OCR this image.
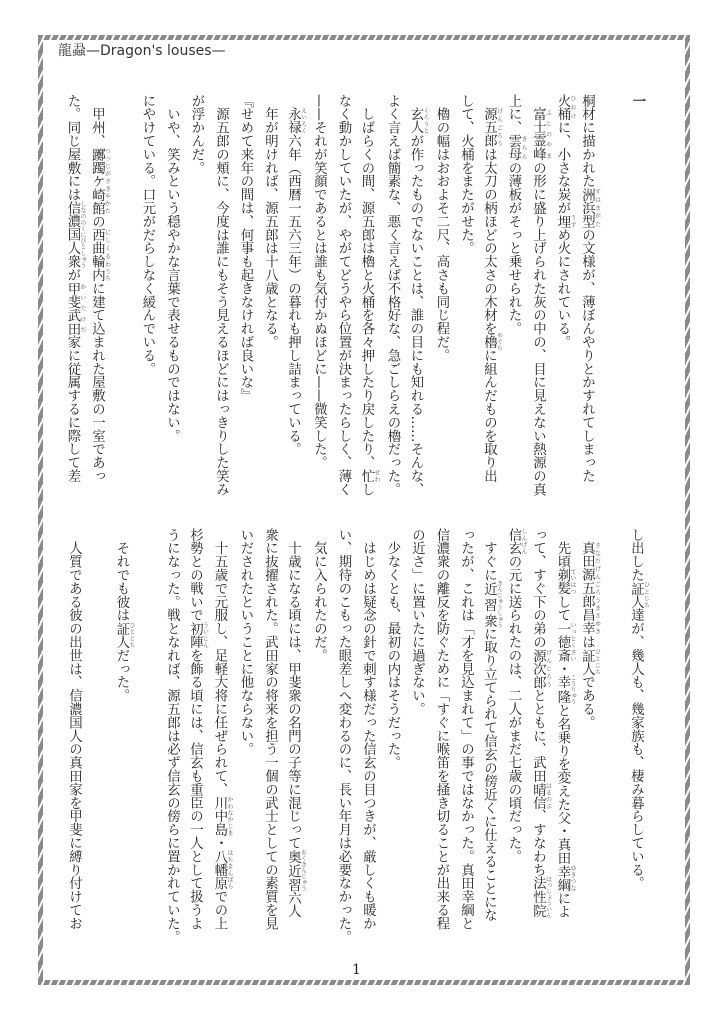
龍蝨—Dragon's louses—
一
桐材に描かれた洲浜型 すはまがたの文様が、薄ぼんやりとかすれてしまった
火桶 ひおけに、小さな炭が埋 うずめ火にされている。
　富士霊峰 ふじのやまの形に盛り上げられた灰の中の、目に見えない熱源の真
上に、雲母 きららの薄板がそっと乗せられた。
　源五郎 げんごろうは太刀の柄ほどの太さの木材を櫓 やぐらに組んだものを取り出
して、火桶をまたがせた。
　櫓の幅はおおよそ二尺、高さも同じ程だ。
　玄人 くろうとが作ったものでないことは、誰の目にも知れる……そんな、
よく言えば簡素な、悪く言えば不格好な、急ごしらえの櫓だった。
　しばらくの間、源五郎は櫓と火桶を各々押したり戻したり、忙 せわし
なく動かしていたが、やがてどうやら位置が決まったらしく、薄く
——それが笑顔であるとは誰も気付かぬほどに——微笑した。
　永禄 えいろく六年（西暦一五六三年）の暮れも押し詰まっている。
　年が明ければ、源五郎は十八歳となる。
『せめて来年の間は、何事も起きなければ良いな』
　源五郎の頬に、今度は誰にもそう見えるほどにはっきりした笑み
が浮かんだ。
　いや、笑みという穏やかな言葉で表せるものではない。
にやけている。口元がだらしなく緩んでいる。
　甲州、躑躅ケ崎館 つつじがさきやかたの西曲輪 にしくるわ内 うちに建て込まれた屋敷の一室であっ
た。同じ屋敷には信濃国人衆 しなののくにびとしゅうが甲斐武田 かいたけだ家に従属するに際して差
し出した証人 ひとじち達が、幾人も、幾家族も、棲み暮らしている。
　真田源五郎昌幸 さなだげんごろうまさゆきは証人 ひとじちである。
　先頃剃髪 ていはつして一徳斎 いっとくさい・幸隆 こうりゅうと名乗りを変えた父・真田幸綱 ゆきつなによ
って、すぐ下の弟の源次郎 げんじろうとともに、武田晴信 はるのぶ、すなわち法性院 ほっしょういん
信玄 しんげんの元に送られたのは、二人がまだ七歳の頃だった。
　すぐに近習衆 きんじゅうしゅうに取り立てられて信玄の傍近くに仕えることにな
ったが、これは「才を見込まれて」の事ではなかった。真田幸綱と
信濃衆の離反を防ぐために「すぐに喉笛を掻き切ることが出来る程
の近さ」に置いたに過ぎない。
　少なくとも、最初の内はそうだった。
　はじめは疑念の針で刺す様だった信玄の目つきが、厳しくも暖か
い、期待のこもった眼差しへ変わるのに、長い年月は必要なかった。
　気に入られたのだ。
　十歳になる頃には、甲斐衆の名門の子等に混じって奥近習 おくきんじゅう六人
衆に抜擢された。武田家の将来を担う一個の武士としての素質を見
いだされたということに他ならない。
　十五歳で元服し、足軽大将に任ぜられて、川中島 かわなかじま・八幡原 はちまんばらでの上
杉勢との戦いで初陣 ういじんを飾る頃には、信玄も重臣の一人として扱うよ
うになった。戦となれば、源五郎は必ず信玄の傍らに置かれていた。
　それでも彼は証人 ひとじちだった。
　人質である彼の出世は、信濃国人の真田家を甲斐に縛り付けてお
1
